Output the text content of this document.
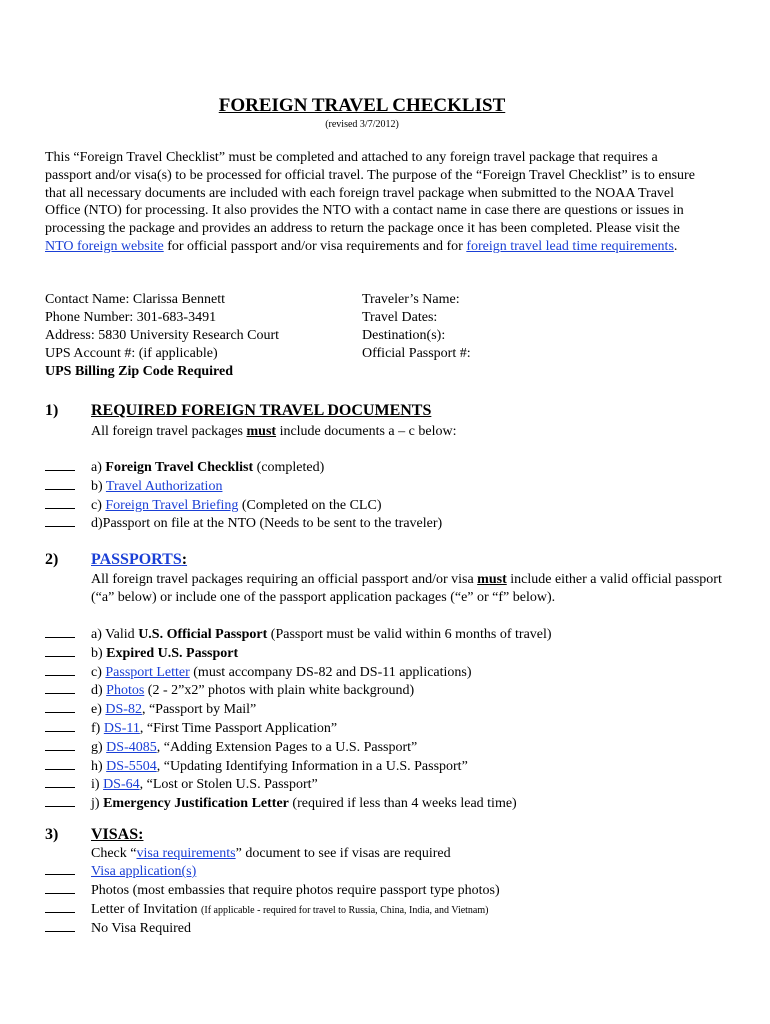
FOREIGN TRAVEL CHECKLIST
(revised 3/7/2012)
This “Foreign Travel Checklist” must be completed and attached to any foreign travel package that requires a passport and/or visa(s) to be processed for official travel. The purpose of the “Foreign Travel Checklist” is to ensure that all necessary documents are included with each foreign travel package when submitted to the NOAA Travel Office (NTO) for processing. It also provides the NTO with a contact name in case there are questions or issues in processing the package and provides an address to return the package once it has been completed. Please visit the NTO foreign website for official passport and/or visa requirements and for foreign travel lead time requirements.
Contact Name: Clarissa Bennett
Phone Number: 301-683-3491
Address: 5830 University Research Court
UPS Account #: (if applicable)
UPS Billing Zip Code Required
Traveler’s Name:
Travel Dates:
Destination(s):
Official Passport #:
1) REQUIRED FOREIGN TRAVEL DOCUMENTS
All foreign travel packages must include documents a – c below:
a) Foreign Travel Checklist (completed)
b) Travel Authorization
c) Foreign Travel Briefing (Completed on the CLC)
d)Passport on file at the NTO (Needs to be sent to the traveler)
2) PASSPORTS:
All foreign travel packages requiring an official passport and/or visa must include either a valid official passport (“a” below) or include one of the passport application packages (“e” or “f” below).
a) Valid U.S. Official Passport (Passport must be valid within 6 months of travel)
b) Expired U.S. Passport
c) Passport Letter (must accompany DS-82 and DS-11 applications)
d) Photos (2 - 2”x2” photos with plain white background)
e) DS-82, “Passport by Mail”
f) DS-11, “First Time Passport Application”
g) DS-4085, “Adding Extension Pages to a U.S. Passport”
h) DS-5504, “Updating Identifying Information in a U.S. Passport”
i) DS-64, “Lost or Stolen U.S. Passport”
j) Emergency Justification Letter (required if less than 4 weeks lead time)
3) VISAS:
Check “visa requirements” document to see if visas are required
Visa application(s)
Photos (most embassies that require photos require passport type photos)
Letter of Invitation (If applicable - required for travel to Russia, China, India, and Vietnam)
No Visa Required
